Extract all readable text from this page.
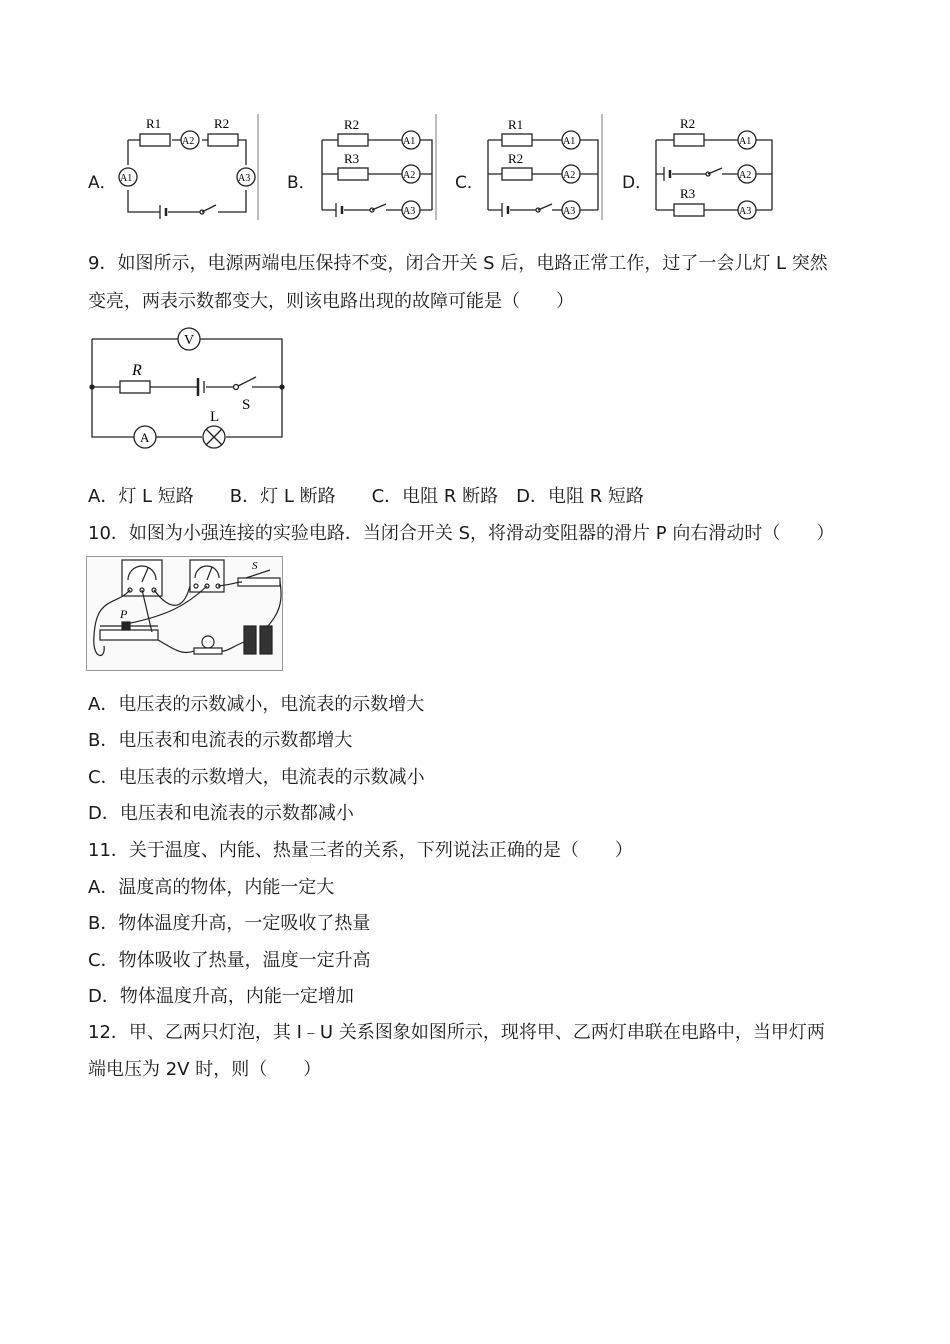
A．
R1
A2
R2
A1	A3 B．
R2
A1
R3
A2
A3
C．
R1
A1
R2
A2
A3
D．
R2
A1
A2
R3
A3
9．如图所示，电源两端电压保持不变，闭合开关 S 后，电路正常工作，过了一会儿灯 L 突然
变亮，两表示数都变大，则该电路出现的故障可能是（　　）
V
R
S
L
A
A．灯 L 短路　　B．灯 L 断路　　C．电阻 R 断路　D．电阻 R 短路
10．如图为小强连接的实验电路．当闭合开关 S，将滑动变阻器的滑片 P 向右滑动时（　　）
P
S
A．电压表的示数减小，电流表的示数增大
B．电压表和电流表的示数都增大
C．电压表的示数增大，电流表的示数减小
D．电压表和电流表的示数都减小
11．关于温度、内能、热量三者的关系，下列说法正确的是（　　）
A．温度高的物体，内能一定大
B．物体温度升高，一定吸收了热量
C．物体吸收了热量，温度一定升高
D．物体温度升高，内能一定增加
12．甲、乙两只灯泡，其 I﹣U 关系图象如图所示，现将甲、乙两灯串联在电路中，当甲灯两
端电压为 2V 时，则（　　）
